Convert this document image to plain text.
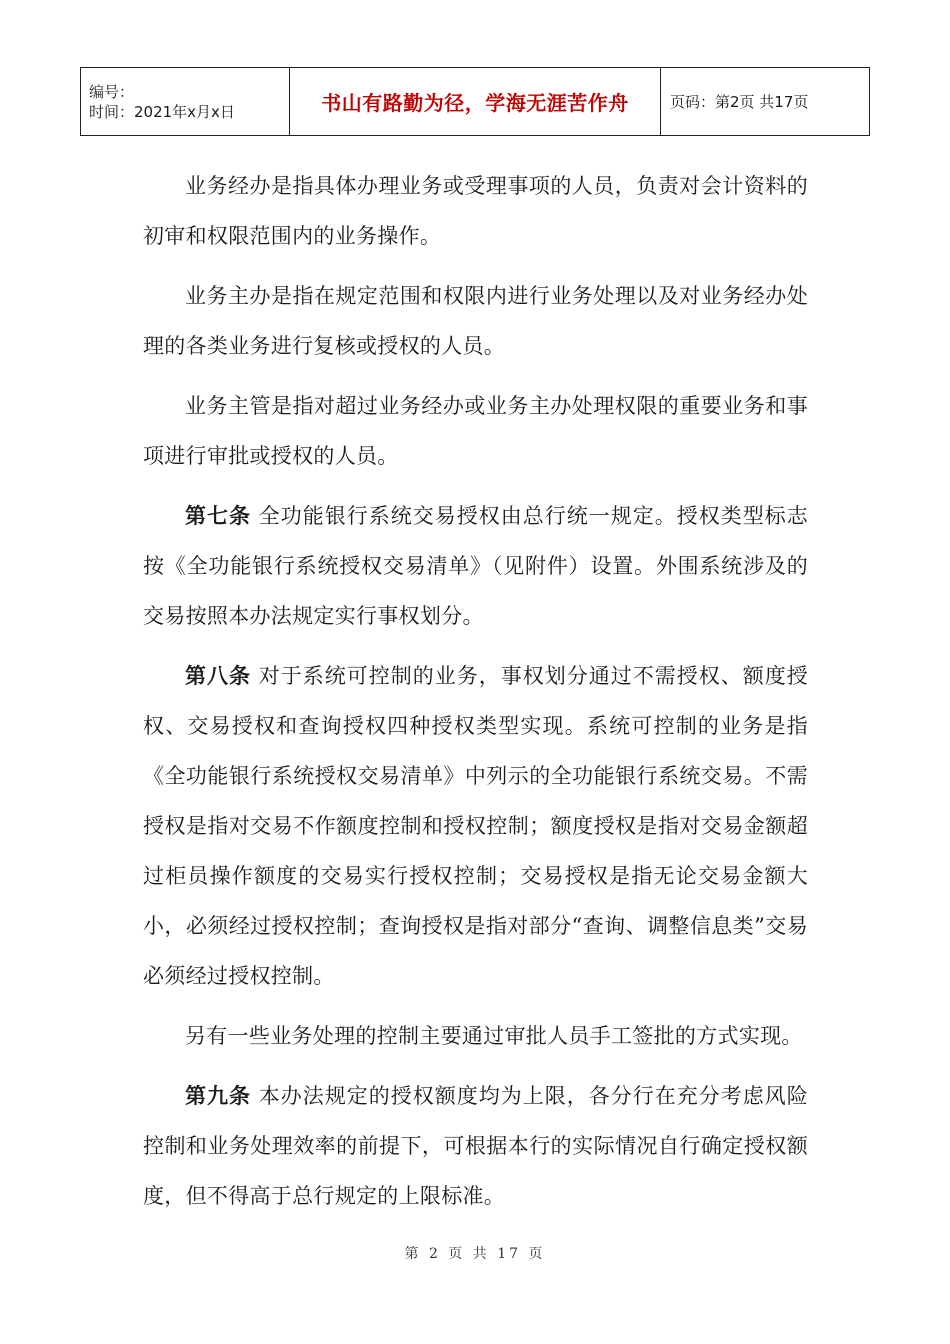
编号：
时间：2021年x月x日	书山有路勤为径，学海无涯苦作舟	页码：第2页 共17页

业务经办是指具体办理业务或受理事项的人员，负责对会计资料的初审和权限范围内的业务操作。

业务主办是指在规定范围和权限内进行业务处理以及对业务经办处理的各类业务进行复核或授权的人员。

业务主管是指对超过业务经办或业务主办处理权限的重要业务和事项进行审批或授权的人员。

第七条 全功能银行系统交易授权由总行统一规定。授权类型标志按《全功能银行系统授权交易清单》（见附件）设置。外围系统涉及的交易按照本办法规定实行事权划分。

第八条 对于系统可控制的业务，事权划分通过不需授权、额度授权、交易授权和查询授权四种授权类型实现。系统可控制的业务是指《全功能银行系统授权交易清单》中列示的全功能银行系统交易。不需授权是指对交易不作额度控制和授权控制；额度授权是指对交易金额超过柜员操作额度的交易实行授权控制；交易授权是指无论交易金额大小，必须经过授权控制；查询授权是指对部分“查询、调整信息类”交易必须经过授权控制。

另有一些业务处理的控制主要通过审批人员手工签批的方式实现。

第九条 本办法规定的授权额度均为上限，各分行在充分考虑风险控制和业务处理效率的前提下，可根据本行的实际情况自行确定授权额度，但不得高于总行规定的上限标准。

第 2 页 共 17 页
